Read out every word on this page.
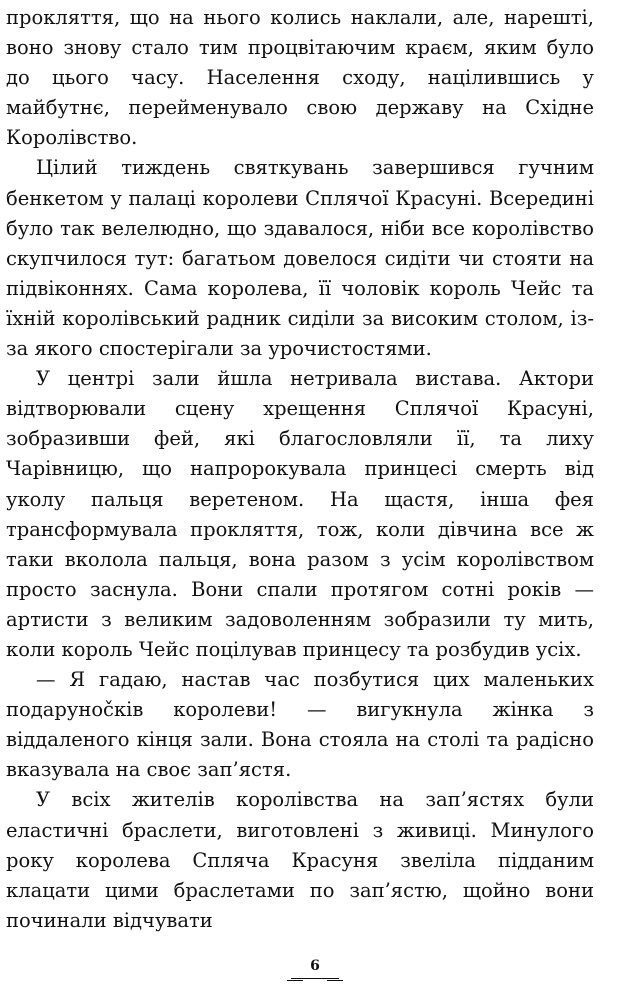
прокляття, що на нього колись наклали, але, нарешті, воно знову стало тим процвітаючим краєм, яким було до цього часу. Населення сходу, націлившись у майбутнє, перейменувало свою державу на Східне Королівство.

Цілий тиждень святкувань завершився гучним бенкетом у палаці королеви Сплячої Красуні. Всередині було так велелюдно, що здавалося, ніби все королівство скупчилося тут: багатьом довелося сидіти чи стояти на підвіконнях. Сама королева, її чоловік король Чейс та їхній королівський радник сиділи за високим столом, із-за якого спостерігали за урочистостями.

У центрі зали йшла нетривала вистава. Актори відтворювали сцену хрещення Сплячої Красуні, зобразивши фей, які благословляли її, та лиху Чарівницю, що напророкувала принцесі смерть від уколу пальця веретеном. На щастя, інша фея трансформувала прокляття, тож, коли дівчина все ж таки вколола пальця, вона разом з усім королівством просто заснула. Вони спали протягом сотні років — артисти з великим задоволенням зобразили ту мить, коли король Чейс поцілував принцесу та розбудив усіх.

— Я гадаю, настав час позбутися цих маленьких подарунočків королеви! — вигукнула жінка з віддаленого кінця зали. Вона стояла на столі та радісно вказувала на своє зап’ястя.

У всіх жителів королівства на зап’ястях були еластичні браслети, виготовлені з живиці. Минулого року королева Спляча Красуня звеліла підданим клацати цими браслетами по зап’ястю, щойно вони починали відчувати

6
